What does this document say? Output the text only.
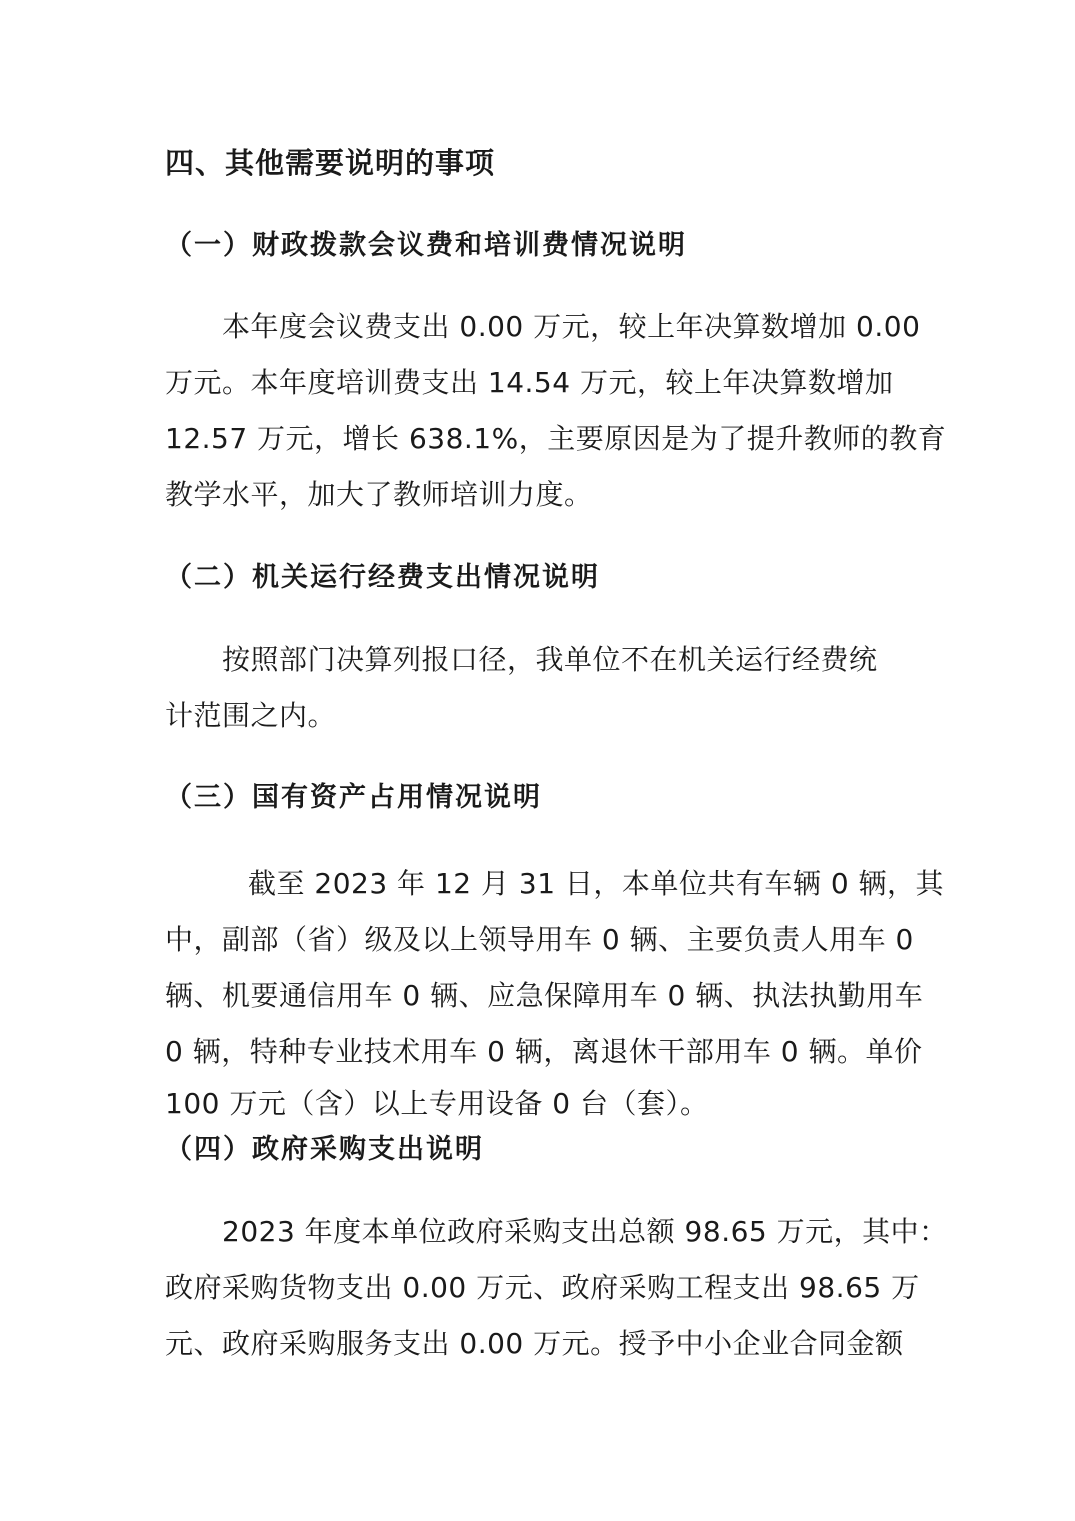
四、其他需要说明的事项
（一）财政拨款会议费和培训费情况说明
本年度会议费支出 0.00 万元，较上年决算数增加 0.00
万元。本年度培训费支出 14.54 万元，较上年决算数增加
12.57 万元，增长 638.1%，主要原因是为了提升教师的教育
教学水平，加大了教师培训力度。
（二）机关运行经费支出情况说明
按照部门决算列报口径，我单位不在机关运行经费统
计范围之内。
（三）国有资产占用情况说明
截至 2023 年 12 月 31 日，本单位共有车辆 0 辆，其
中，副部（省）级及以上领导用车 0 辆、主要负责人用车 0
辆、机要通信用车 0 辆、应急保障用车 0 辆、执法执勤用车
0 辆，特种专业技术用车 0 辆，离退休干部用车 0 辆。单价
100 万元（含）以上专用设备 0 台（套）。
（四）政府采购支出说明
2023 年度本单位政府采购支出总额 98.65 万元，其中：
政府采购货物支出 0.00 万元、政府采购工程支出 98.65 万
元、政府采购服务支出 0.00 万元。授予中小企业合同金额
